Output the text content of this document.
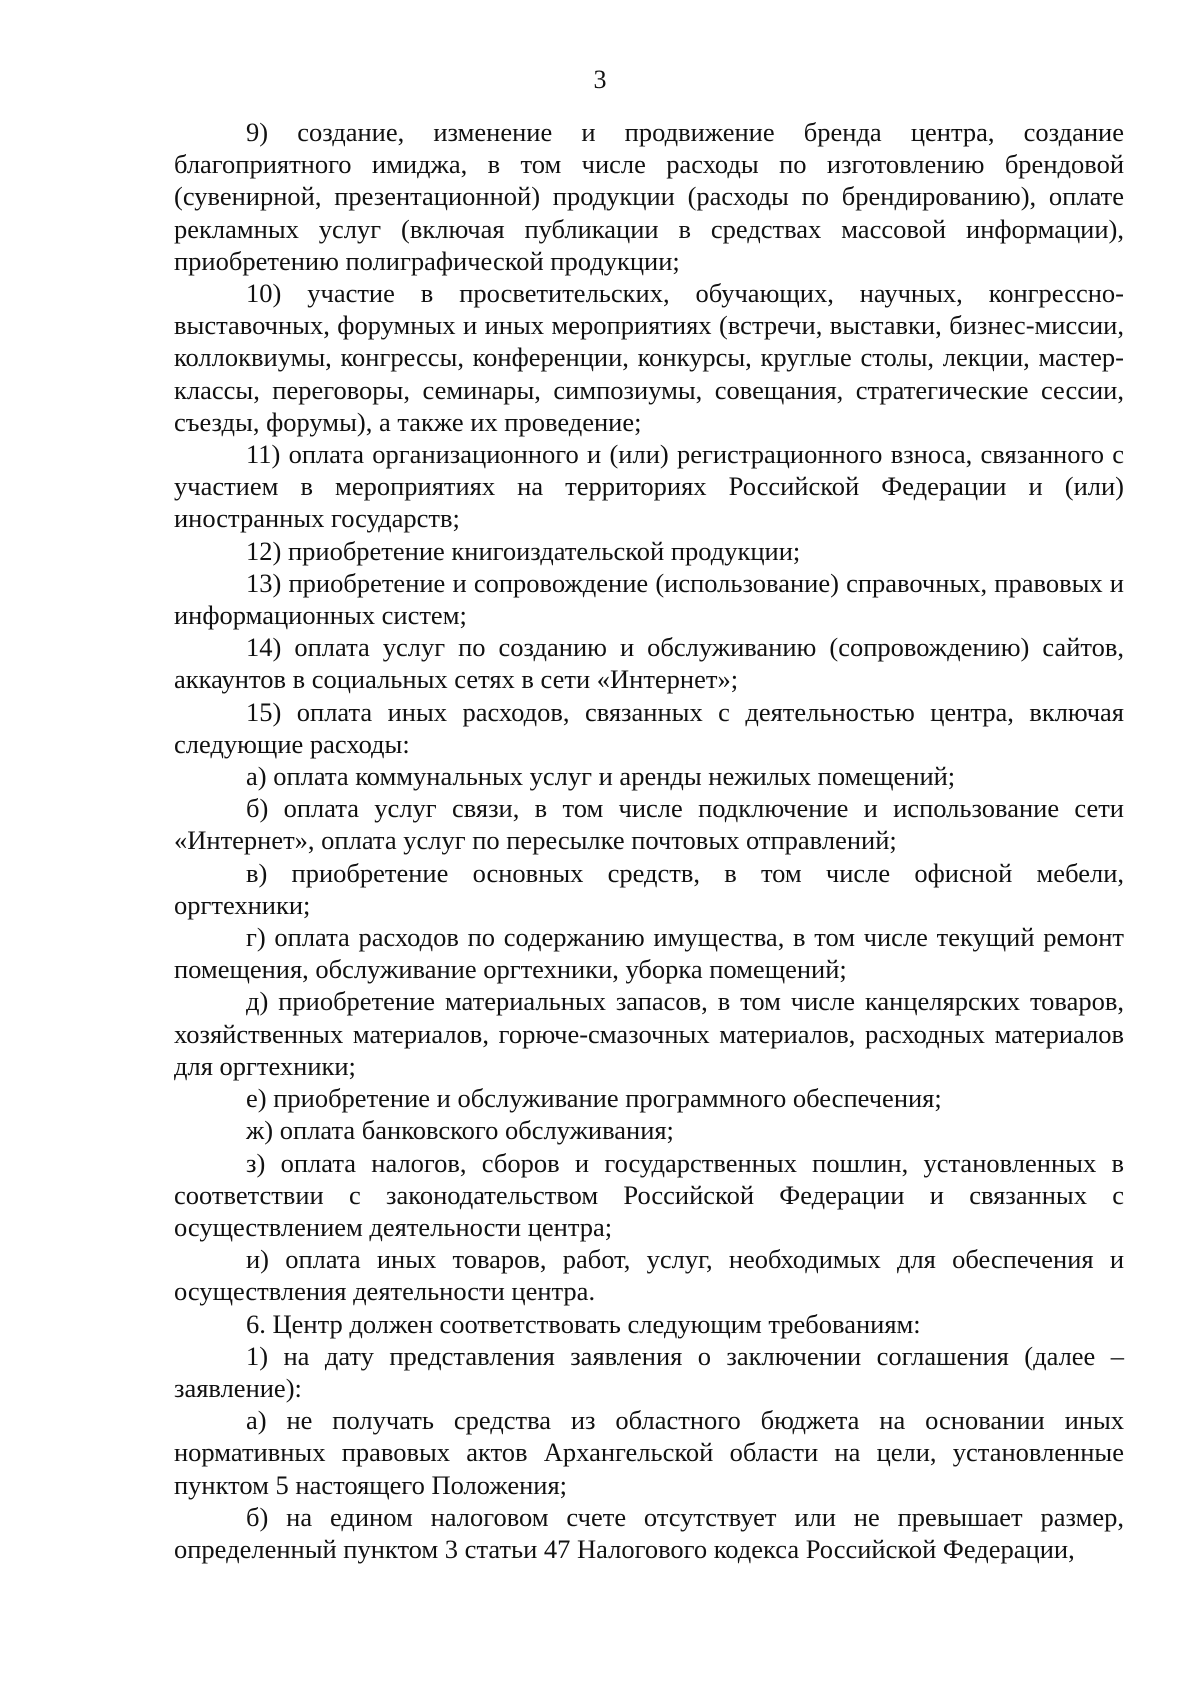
3

9) создание, изменение и продвижение бренда центра, создание благоприятного имиджа, в том числе расходы по изготовлению брендовой (сувенирной, презентационной) продукции (расходы по брендированию), оплате рекламных услуг (включая публикации в средствах массовой информации), приобретению полиграфической продукции;

10) участие в просветительских, обучающих, научных, конгрессно-выставочных, форумных и иных мероприятиях (встречи, выставки, бизнес-миссии, коллоквиумы, конгрессы, конференции, конкурсы, круглые столы, лекции, мастер-классы, переговоры, семинары, симпозиумы, совещания, стратегические сессии, съезды, форумы), а также их проведение;

11) оплата организационного и (или) регистрационного взноса, связанного с участием в мероприятиях на территориях Российской Федерации и (или) иностранных государств;

12) приобретение книгоиздательской продукции;

13) приобретение и сопровождение (использование) справочных, правовых и информационных систем;

14) оплата услуг по созданию и обслуживанию (сопровождению) сайтов, аккаунтов в социальных сетях в сети «Интернет»;

15) оплата иных расходов, связанных с деятельностью центра, включая следующие расходы:

а) оплата коммунальных услуг и аренды нежилых помещений;

б) оплата услуг связи, в том числе подключение и использование сети «Интернет», оплата услуг по пересылке почтовых отправлений;

в) приобретение основных средств, в том числе офисной мебели, оргтехники;

г) оплата расходов по содержанию имущества, в том числе текущий ремонт помещения, обслуживание оргтехники, уборка помещений;

д) приобретение материальных запасов, в том числе канцелярских товаров, хозяйственных материалов, горюче-смазочных материалов, расходных материалов для оргтехники;

е) приобретение и обслуживание программного обеспечения;

ж) оплата банковского обслуживания;

з) оплата налогов, сборов и государственных пошлин, установленных в соответствии с законодательством Российской Федерации и связанных с осуществлением деятельности центра;

и) оплата иных товаров, работ, услуг, необходимых для обеспечения и осуществления деятельности центра.

6. Центр должен соответствовать следующим требованиям:

1) на дату представления заявления о заключении соглашения (далее – заявление):

а) не получать средства из областного бюджета на основании иных нормативных правовых актов Архангельской области на цели, установленные пунктом 5 настоящего Положения;

б) на едином налоговом счете отсутствует или не превышает размер, определенный пунктом 3 статьи 47 Налогового кодекса Российской Федерации,
